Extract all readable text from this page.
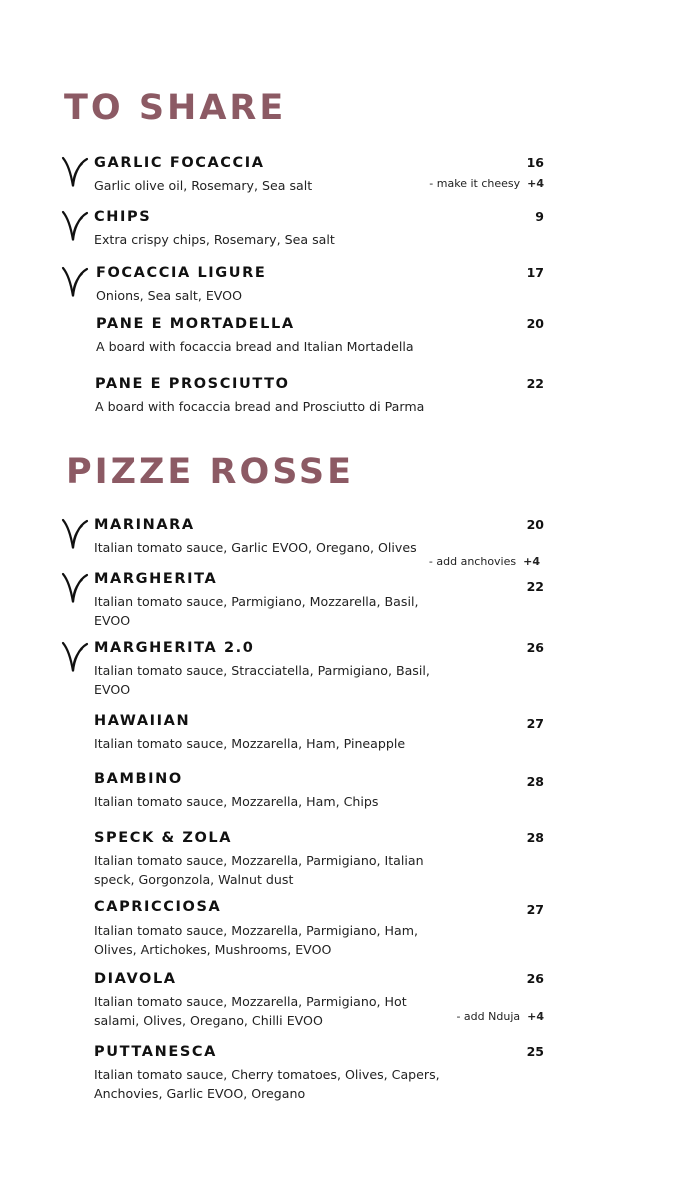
TO SHARE
GARLIC FOCACCIA	16
Garlic olive oil, Rosemary, Sea salt	- make it cheesy +4
CHIPS	9
Extra crispy chips, Rosemary, Sea salt
FOCACCIA LIGURE	17
Onions, Sea salt, EVOO
PANE E MORTADELLA	20
A board with focaccia bread and Italian Mortadella
PANE E PROSCIUTTO	22
A board with focaccia bread and Prosciutto di Parma
PIZZE ROSSE
MARINARA	20
Italian tomato sauce, Garlic EVOO, Oregano, Olives
- add anchovies +4
MARGHERITA	22
Italian tomato sauce, Parmigiano, Mozzarella, Basil, EVOO
MARGHERITA 2.0	26
Italian tomato sauce, Stracciatella, Parmigiano, Basil, EVOO
HAWAIIAN	27
Italian tomato sauce, Mozzarella, Ham, Pineapple
BAMBINO	28
Italian tomato sauce, Mozzarella, Ham, Chips
SPECK & ZOLA	28
Italian tomato sauce, Mozzarella, Parmigiano, Italian speck, Gorgonzola, Walnut dust
CAPRICCIOSA	27
Italian tomato sauce, Mozzarella, Parmigiano, Ham, Olives, Artichokes, Mushrooms, EVOO
DIAVOLA	26
Italian tomato sauce, Mozzarella, Parmigiano, Hot salami, Olives, Oregano, Chilli EVOO	- add Nduja +4
PUTTANESCA	25
Italian tomato sauce, Cherry tomatoes, Olives, Capers, Anchovies, Garlic EVOO, Oregano
